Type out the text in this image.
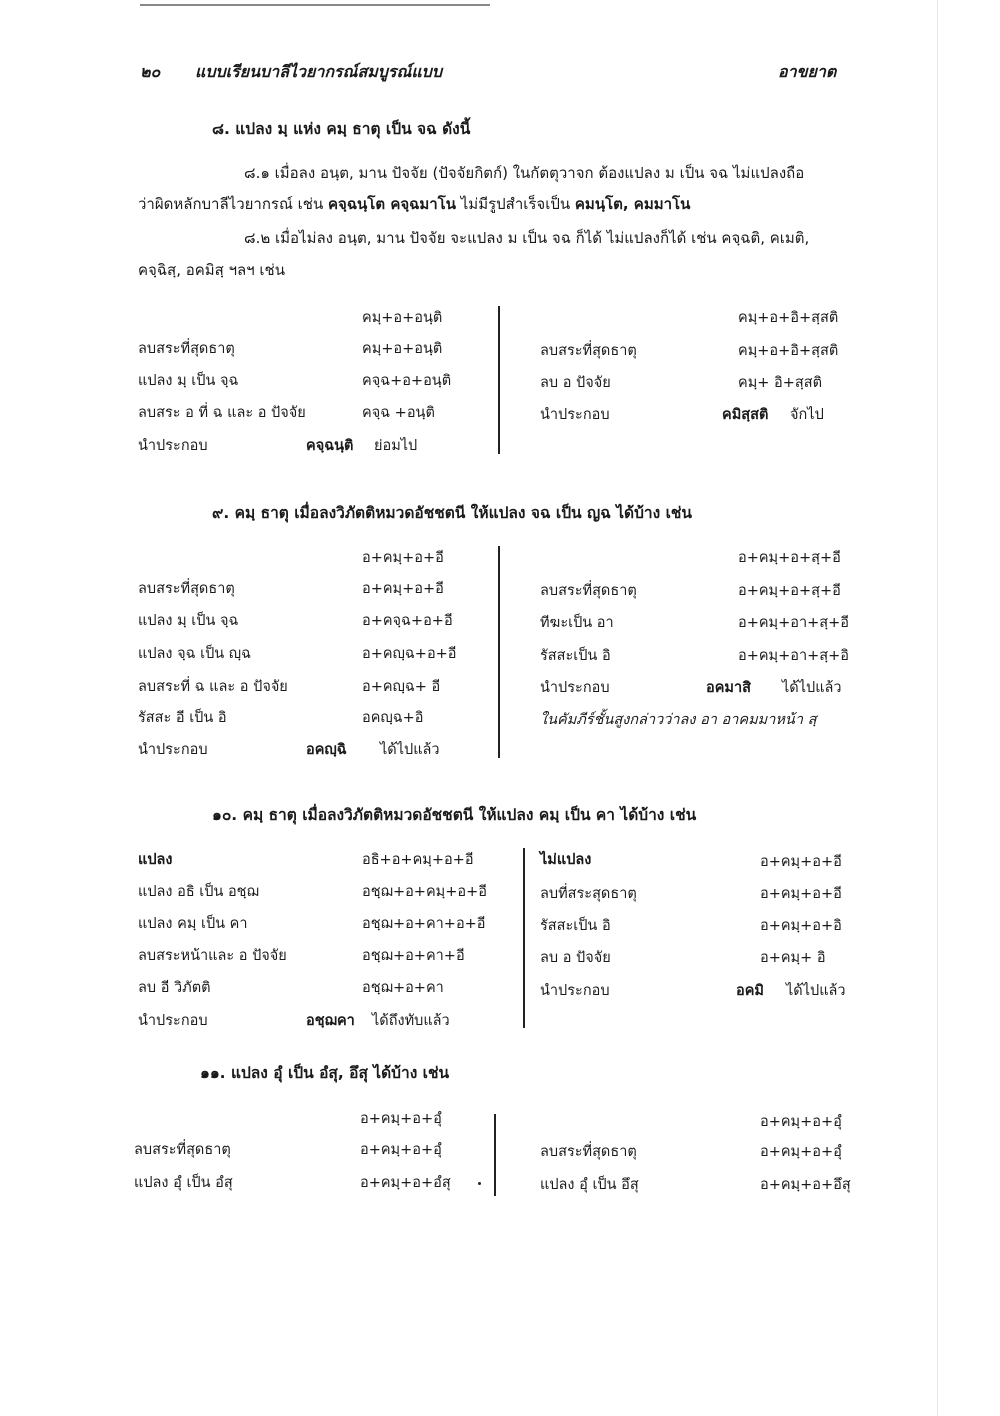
๒๐ แบบเรียนบาลีไวยากรณ์สมบูรณ์แบบ	อาขยาต
๘. แปลง มฺ แห่ง คมฺ ธาตุ เป็น จฉ ดังนี้
๘.๑ เมื่อลง อนฺต, มาน ปัจจัย (ปัจจัยกิตก์) ในกัตตุวาจก ต้องแปลง ม เป็น จฉ ไม่แปลงถือ
ว่าผิดหลักบาลีไวยากรณ์ เช่น คจฺฉนฺโต คจฺฉมาโน ไม่มีรูปสำเร็จเป็น คมนฺโต, คมมาโน
๘.๒ เมื่อไม่ลง อนฺต, มาน ปัจจัย จะแปลง ม เป็น จฉ ก็ได้ ไม่แปลงก็ได้ เช่น คจฺฉติ, คเมติ,
คจฺฉิสฺ, อคมิสฺ ฯลฯ เช่น
คมฺ+อ+อนฺติ
ลบสระที่สุดธาตุ	คมฺ+อ+อนฺติ
แปลง มฺ เป็น จฺฉ	คจฺฉ+อ+อนฺติ
ลบสระ อ ที่ ฉ และ อ ปัจจัย	คจฺฉ +อนฺติ
นำประกอบ	คจฺฉนฺติ ย่อมไป
คมฺ+อ+อิ+สฺสติ
ลบสระที่สุดธาตุ	คมฺ+อ+อิ+สฺสติ
ลบ อ ปัจจัย	คมฺ+ อิ+สฺสติ
นำประกอบ	คมิสฺสติ จักไป
๙. คมฺ ธาตุ เมื่อลงวิภัตติหมวดอัชชตนี ให้แปลง จฉ เป็น ญฉ ได้บ้าง เช่น
อ+คมฺ+อ+อี
ลบสระที่สุดธาตุ	อ+คมฺ+อ+อี
แปลง มฺ เป็น จฺฉ	อ+คจฺฉ+อ+อี
แปลง จฺฉ เป็น ญฺฉ	อ+คญฺฉ+อ+อี
ลบสระที่ ฉ และ อ ปัจจัย	อ+คญฺฉ+ อี
รัสสะ อี เป็น อิ	อคญฺฉ+อิ
นำประกอบ	อคญฺฉิ ได้ไปแล้ว
อ+คมฺ+อ+สฺ+อี
ลบสระที่สุดธาตุ	อ+คมฺ+อ+สฺ+อี
ทีฆะเป็น อา	อ+คมฺ+อา+สฺ+อี
รัสสะเป็น อิ	อ+คมฺ+อา+สฺ+อิ
นำประกอบ	อคมาสิ ได้ไปแล้ว
ในคัมภีร์ชั้นสูงกล่าวว่าลง อา อาคมมาหน้า สฺ
๑๐. คมฺ ธาตุ เมื่อลงวิภัตติหมวดอัชชตนี ให้แปลง คมฺ เป็น คา ได้บ้าง เช่น
แปลง	อธิ+อ+คมฺ+อ+อี
แปลง อธิ เป็น อชฺฌ	อชฺฌ+อ+คมฺ+อ+อี
แปลง คมฺ เป็น คา	อชฺฌ+อ+คา+อ+อี
ลบสระหน้าและ อ ปัจจัย	อชฺฌ+อ+คา+อี
ลบ อี วิภัตติ	อชฺฌ+อ+คา
นำประกอบ	อชฺฌคา ได้ถึงทับแล้ว
ไม่แปลง	อ+คมฺ+อ+อี
ลบที่สระสุดธาตุ	อ+คมฺ+อ+อี
รัสสะเป็น อิ	อ+คมฺ+อ+อิ
ลบ อ ปัจจัย	อ+คมฺ+ อิ
นำประกอบ	อคมิ ได้ไปแล้ว
๑๑. แปลง อุํ เป็น อํสุ, อึสุ ได้บ้าง เช่น
อ+คมฺ+อ+อุํ
ลบสระที่สุดธาตุ	อ+คมฺ+อ+อุํ
แปลง อุํ เป็น อํสุ	อ+คมฺ+อ+อํสุ
อ+คมฺ+อ+อุํ
ลบสระที่สุดธาตุ	อ+คมฺ+อ+อุํ
แปลง อุํ เป็น อึสุ	อ+คมฺ+อ+อึสุ
